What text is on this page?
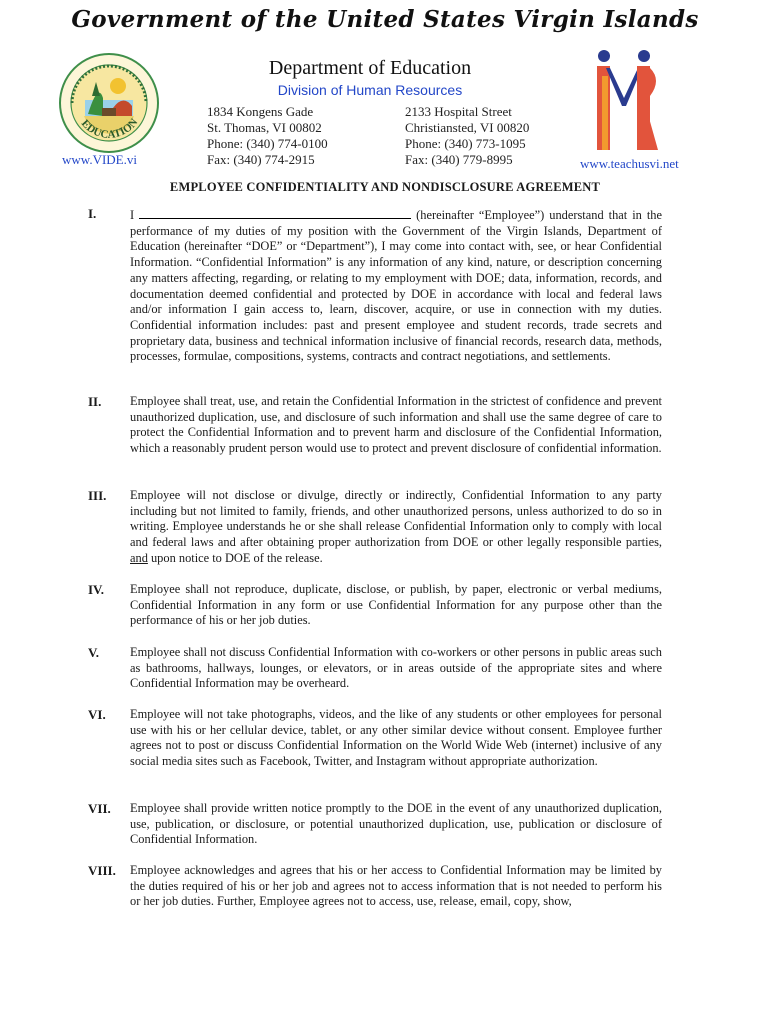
Government of the United States Virgin Islands
EDUCATION
Department of Education
Division of Human Resources
1834 Kongens Gade
St. Thomas, VI 00802
Phone: (340) 774-0100
Fax: (340) 774-2915
2133 Hospital Street
Christiansted, VI 00820
Phone: (340) 773-1095
Fax: (340) 779-8995
www.VIDE.vi	www.teachusvi.net
EMPLOYEE CONFIDENTIALITY AND NONDISCLOSURE AGREEMENT
I.	I	(hereinafter “Employee”) understand that in the performance of my duties of my position with the Government of the Virgin Islands, Department of Education (hereinafter “DOE” or “Department”), I may come into contact with, see, or hear Confidential Information. “Confidential Information” is any information of any kind, nature, or description concerning any matters affecting, regarding, or relating to my employment with DOE; data, information, records, and documentation deemed confidential and protected by DOE in accordance with local and federal laws and/or information I gain access to, learn, discover, acquire, or use in connection with my duties. Confidential information includes: past and present employee and student records, trade secrets and proprietary data, business and technical information inclusive of financial records, research data, methods, processes, formulae, compositions, systems, contracts and contract negotiations, and settlements.
II. Employee shall treat, use, and retain the Confidential Information in the strictest of confidence and prevent unauthorized duplication, use, and disclosure of such information and shall use the same degree of care to protect the Confidential Information and to prevent harm and disclosure of the Confidential Information, which a reasonably prudent person would use to protect and prevent disclosure of confidential information.
III. Employee will not disclose or divulge, directly or indirectly, Confidential Information to any party including but not limited to family, friends, and other unauthorized persons, unless authorized to do so in writing. Employee understands he or she shall release Confidential Information only to comply with local and federal laws and after obtaining proper authorization from DOE or other legally responsible parties, and upon notice to DOE of the release.
IV. Employee shall not reproduce, duplicate, disclose, or publish, by paper, electronic or verbal mediums, Confidential Information in any form or use Confidential Information for any purpose other than the performance of his or her job duties.
V.	Employee shall not discuss Confidential Information with co-workers or other persons in public areas such as bathrooms, hallways, lounges, or elevators, or in areas outside of the appropriate sites and where Confidential Information may be overheard.
VI. Employee will not take photographs, videos, and the like of any students or other employees for personal use with his or her cellular device, tablet, or any other similar device without consent. Employee further agrees not to post or discuss Confidential Information on the World Wide Web (internet) inclusive of any social media sites such as Facebook, Twitter, and Instagram without appropriate authorization.
VII. Employee shall provide written notice promptly to the DOE in the event of any unauthorized duplication, use, publication, or disclosure, or potential unauthorized duplication, use, publication or disclosure of Confidential Information.
VIII. Employee acknowledges and agrees that his or her access to Confidential Information may be limited by the duties required of his or her job and agrees not to access information that is not needed to perform his or her job duties. Further, Employee agrees not to access, use, release, email, copy, show,
